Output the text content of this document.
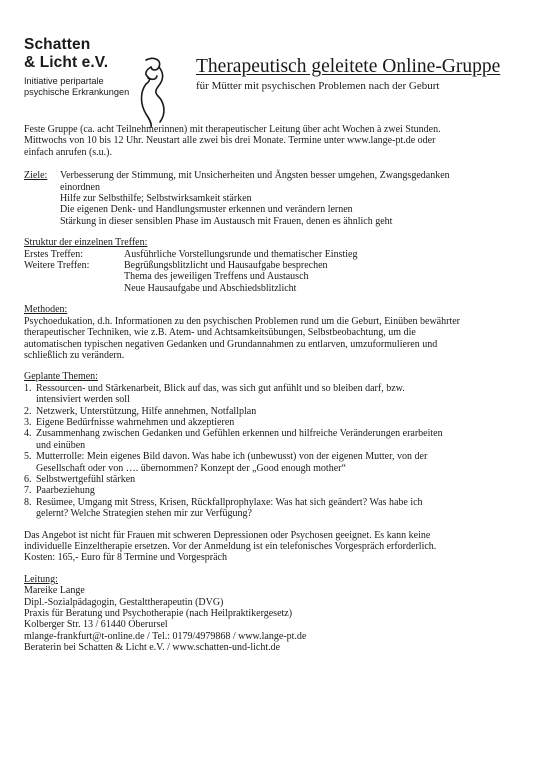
Schatten
& Licht e.V.
Initiative peripartale
psychische Erkrankungen
Therapeutisch geleitete Online-Gruppe
für Mütter mit psychischen Problemen nach der Geburt

Feste Gruppe (ca. acht Teilnehmerinnen) mit therapeutischer Leitung über acht Wochen à zwei Stunden.

Mittwochs von 10 bis 12 Uhr. Neustart alle zwei bis drei Monate. Termine unter www.lange-pt.de oder

einfach anrufen (s.u.).

Ziele:	Verbesserung der Stimmung, mit Unsicherheiten und Ängsten besser umgehen, Zwangsgedanken
einordnen
Hilfe zur Selbsthilfe; Selbstwirksamkeit stärken
Die eigenen Denk- und Handlungsmuster erkennen und verändern lernen
Stärkung in dieser sensiblen Phase im Austausch mit Frauen, denen es ähnlich geht
Struktur der einzelnen Treffen:
Erstes Treffen:	Ausführliche Vorstellungsrunde und thematischer Einstieg
Weitere Treffen:	Begrüßungsblitzlicht und Hausaufgabe besprechen
Thema des jeweiligen Treffens und Austausch
Neue Hausaufgabe und Abschiedsblitzlicht
Methoden:

Psychoedukation, d.h. Informationen zu den psychischen Problemen rund um die Geburt, Einüben bewährter

therapeutischer Techniken, wie z.B. Atem- und Achtsamkeitsübungen, Selbstbeobachtung, um die

automatischen typischen negativen Gedanken und Grundannahmen zu entlarven, umzuformulieren und

schließlich zu verändern.

Geplante Themen:
1. Ressourcen- und Stärkenarbeit, Blick auf das, was sich gut anfühlt und so bleiben darf, bzw.
intensiviert werden soll
2. Netzwerk, Unterstützung, Hilfe annehmen, Notfallplan
3. Eigene Bedürfnisse wahrnehmen und akzeptieren
4. Zusammenhang zwischen Gedanken und Gefühlen erkennen und hilfreiche Veränderungen erarbeiten
und einüben
5. Mutterrolle: Mein eigenes Bild davon. Was habe ich (unbewusst) von der eigenen Mutter, von der
Gesellschaft oder von …. übernommen? Konzept der „Good enough mother“
6. Selbstwertgefühl stärken
7. Paarbeziehung
8. Resümee, Umgang mit Stress, Krisen, Rückfallprophylaxe: Was hat sich geändert? Was habe ich
gelernt? Welche Strategien stehen mir zur Verfügung?

Das Angebot ist nicht für Frauen mit schweren Depressionen oder Psychosen geeignet. Es kann keine

individuelle Einzeltherapie ersetzen. Vor der Anmeldung ist ein telefonisches Vorgespräch erforderlich.

Kosten: 165,- Euro für 8 Termine und Vorgespräch

Leitung:

Mareike Lange

Dipl.-Sozialpädagogin, Gestalttherapeutin (DVG)

Praxis für Beratung und Psychotherapie (nach Heilpraktikergesetz)

Kolberger Str. 13 / 61440 Oberursel

mlange-frankfurt@t-online.de / Tel.: 0179/4979868 / www.lange-pt.de

Beraterin bei Schatten & Licht e.V. / www.schatten-und-licht.de
